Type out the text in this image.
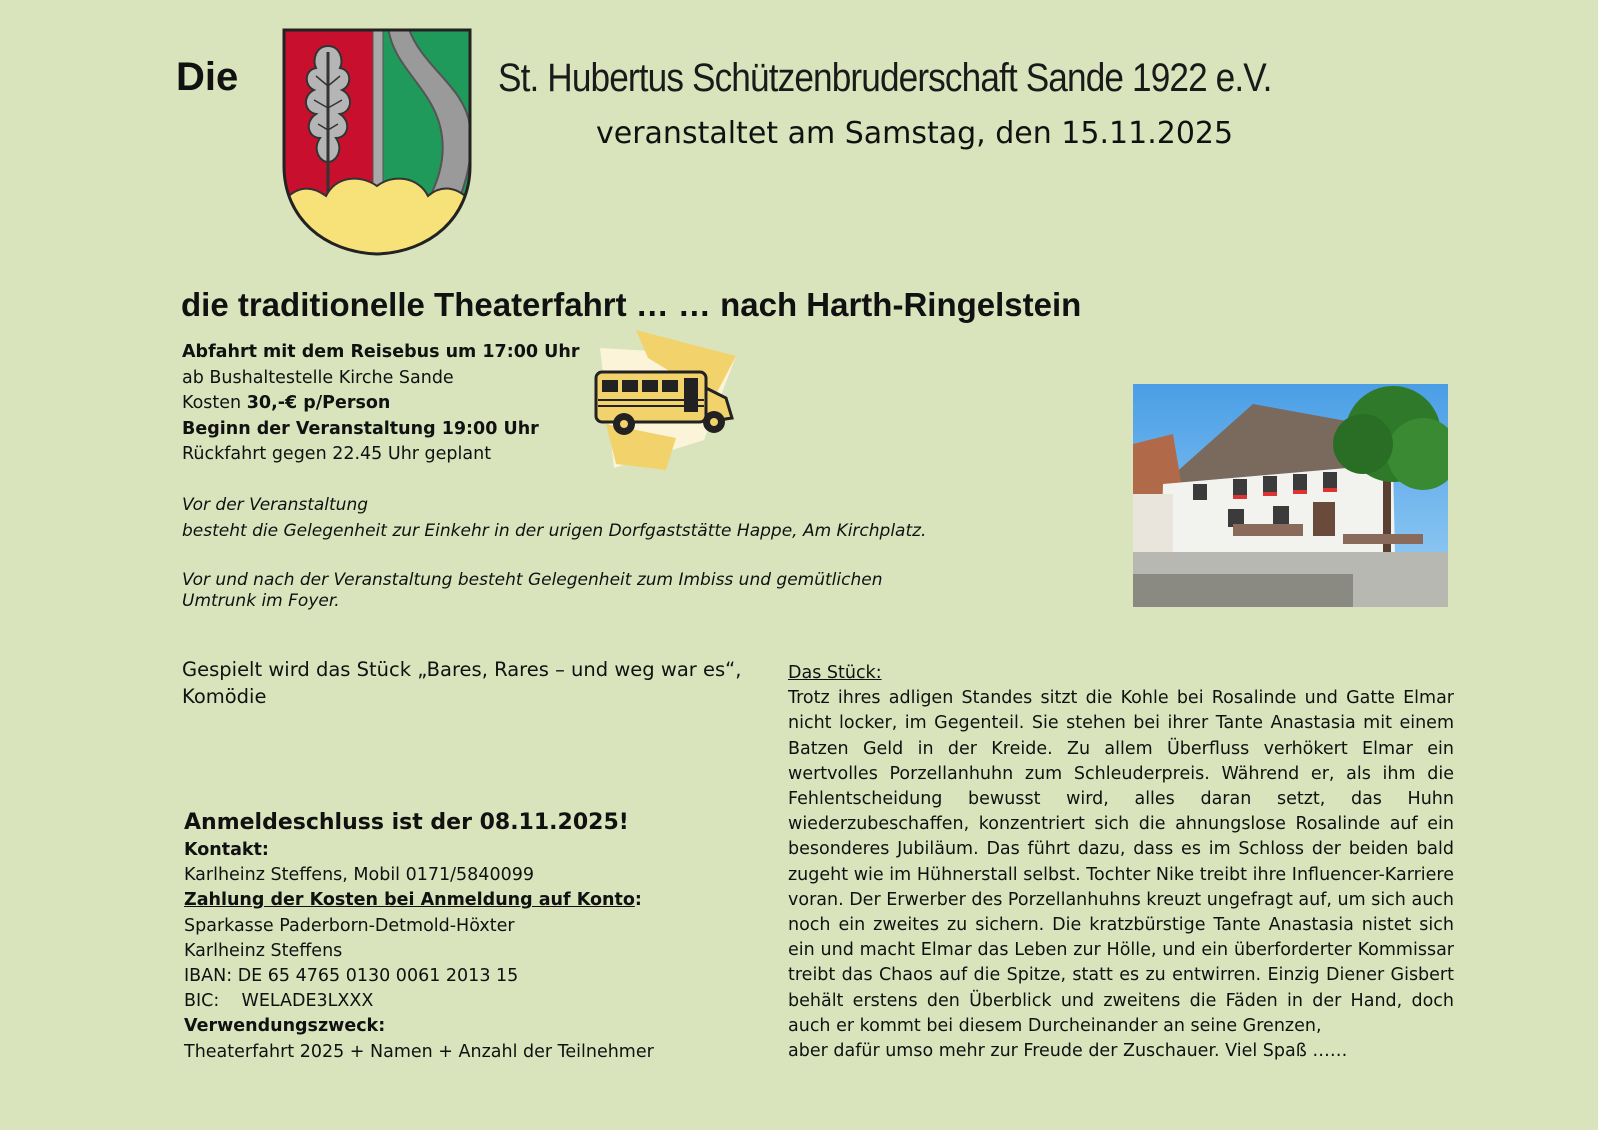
Die	St. Hubertus Schützenbruderschaft Sande 1922 e.V.
veranstaltet am Samstag, den 15.11.2025
die traditionelle Theaterfahrt … … nach Harth-Ringelstein
Abfahrt mit dem Reisebus um 17:00 Uhr
ab Bushaltestelle Kirche Sande
Kosten 30,-€ p/Person
Beginn der Veranstaltung 19:00 Uhr
Rückfahrt gegen 22.45 Uhr geplant
Vor der Veranstaltung
besteht die Gelegenheit zur Einkehr in der urigen Dorfgaststätte Happe, Am Kirchplatz.
Vor und nach der Veranstaltung besteht Gelegenheit zum Imbiss und gemütlichen
Umtrunk im Foyer.
Gespielt wird das Stück „Bares, Rares – und weg war es“,
Komödie
Anmeldeschluss ist der 08.11.2025!
Kontakt:
Karlheinz Steffens, Mobil 0171/5840099
Zahlung der Kosten bei Anmeldung auf Konto:
Sparkasse Paderborn-Detmold-Höxter
Karlheinz Steffens
IBAN: DE 65 4765 0130 0061 2013 15
BIC:    WELADE3LXXX
Verwendungszweck:
Theaterfahrt 2025 + Namen + Anzahl der Teilnehmer
Das Stück:
Trotz ihres adligen Standes sitzt die Kohle bei Rosalinde und Gatte Elmar nicht locker, im Gegenteil. Sie stehen bei ihrer Tante Anastasia mit einem Batzen Geld in der Kreide. Zu allem Überfluss verhökert Elmar ein wertvolles Porzellanhuhn zum Schleuderpreis. Während er, als ihm die Fehlentscheidung bewusst wird, alles daran setzt, das Huhn wiederzubeschaffen, konzentriert sich die ahnungslose Rosalinde auf ein besonderes Jubiläum. Das führt dazu, dass es im Schloss der beiden bald zugeht wie im Hühnerstall selbst. Tochter Nike treibt ihre Influencer-Karriere voran. Der Erwerber des Porzellanhuhns kreuzt ungefragt auf, um sich auch noch ein zweites zu sichern. Die kratzbürstige Tante Anastasia nistet sich ein und macht Elmar das Leben zur Hölle, und ein überforderter Kommissar treibt das Chaos auf die Spitze, statt es zu entwirren. Einzig Diener Gisbert behält erstens den Überblick und zweitens die Fäden in der Hand, doch auch er kommt bei diesem Durcheinander an seine Grenzen,
aber dafür umso mehr zur Freude der Zuschauer. Viel Spaß ……
